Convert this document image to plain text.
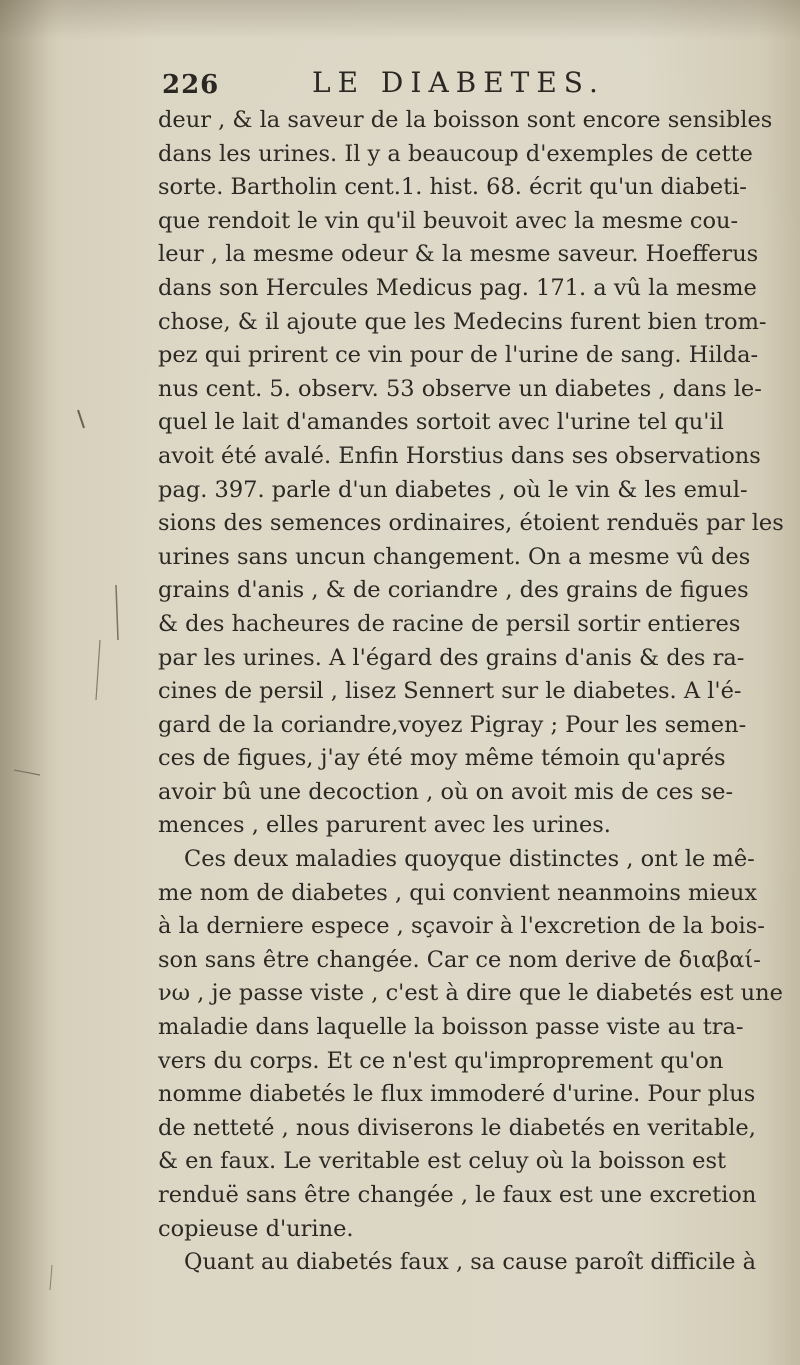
226	LE DIABETES.
deur , & la saveur de la boisson sont encore sensibles
dans les urines. Il y a beaucoup d'exemples de cette
sorte. Bartholin cent.1. hist. 68. écrit qu'un diabeti-
que rendoit le vin qu'il beuvoit avec la mesme cou-
leur , la mesme odeur & la mesme saveur. Hoefferus
dans son Hercules Medicus pag. 171. a vû la mesme
chose, & il ajoute que les Medecins furent bien trom-
pez qui prirent ce vin pour de l'urine de sang. Hilda-
nus cent. 5. observ. 53 observe un diabetes , dans le-
quel le lait d'amandes sortoit avec l'urine tel qu'il
avoit été avalé. Enfin Horstius dans ses observations
pag. 397. parle d'un diabetes , où le vin & les emul-
sions des semences ordinaires, étoient renduës par les
urines sans uncun changement. On a mesme vû des
grains d'anis , & de coriandre , des grains de figues
& des hacheures de racine de persil sortir entieres
par les urines. A l'égard des grains d'anis & des ra-
cines de persil , lisez Sennert sur le diabetes. A l'é-
gard de la coriandre,voyez Pigray ; Pour les semen-
ces de figues, j'ay été moy même témoin qu'aprés
avoir bû une decoction , où on avoit mis de ces se-
mences , elles parurent avec les urines.
Ces deux maladies quoyque distinctes , ont le mê-
me nom de diabetes , qui convient neanmoins mieux
à la derniere espece , sçavoir à l'excretion de la bois-
son sans être changée. Car ce nom derive de διαβαί-
νω , je passe viste , c'est à dire que le diabetés est une
maladie dans laquelle la boisson passe viste au tra-
vers du corps. Et ce n'est qu'improprement qu'on
nomme diabetés le flux immoderé d'urine. Pour plus
de netteté , nous diviserons le diabetés en veritable,
& en faux. Le veritable est celuy où la boisson est
renduë sans être changée , le faux est une excretion
copieuse d'urine.
Quant au diabetés faux , sa cause paroît difficile à
